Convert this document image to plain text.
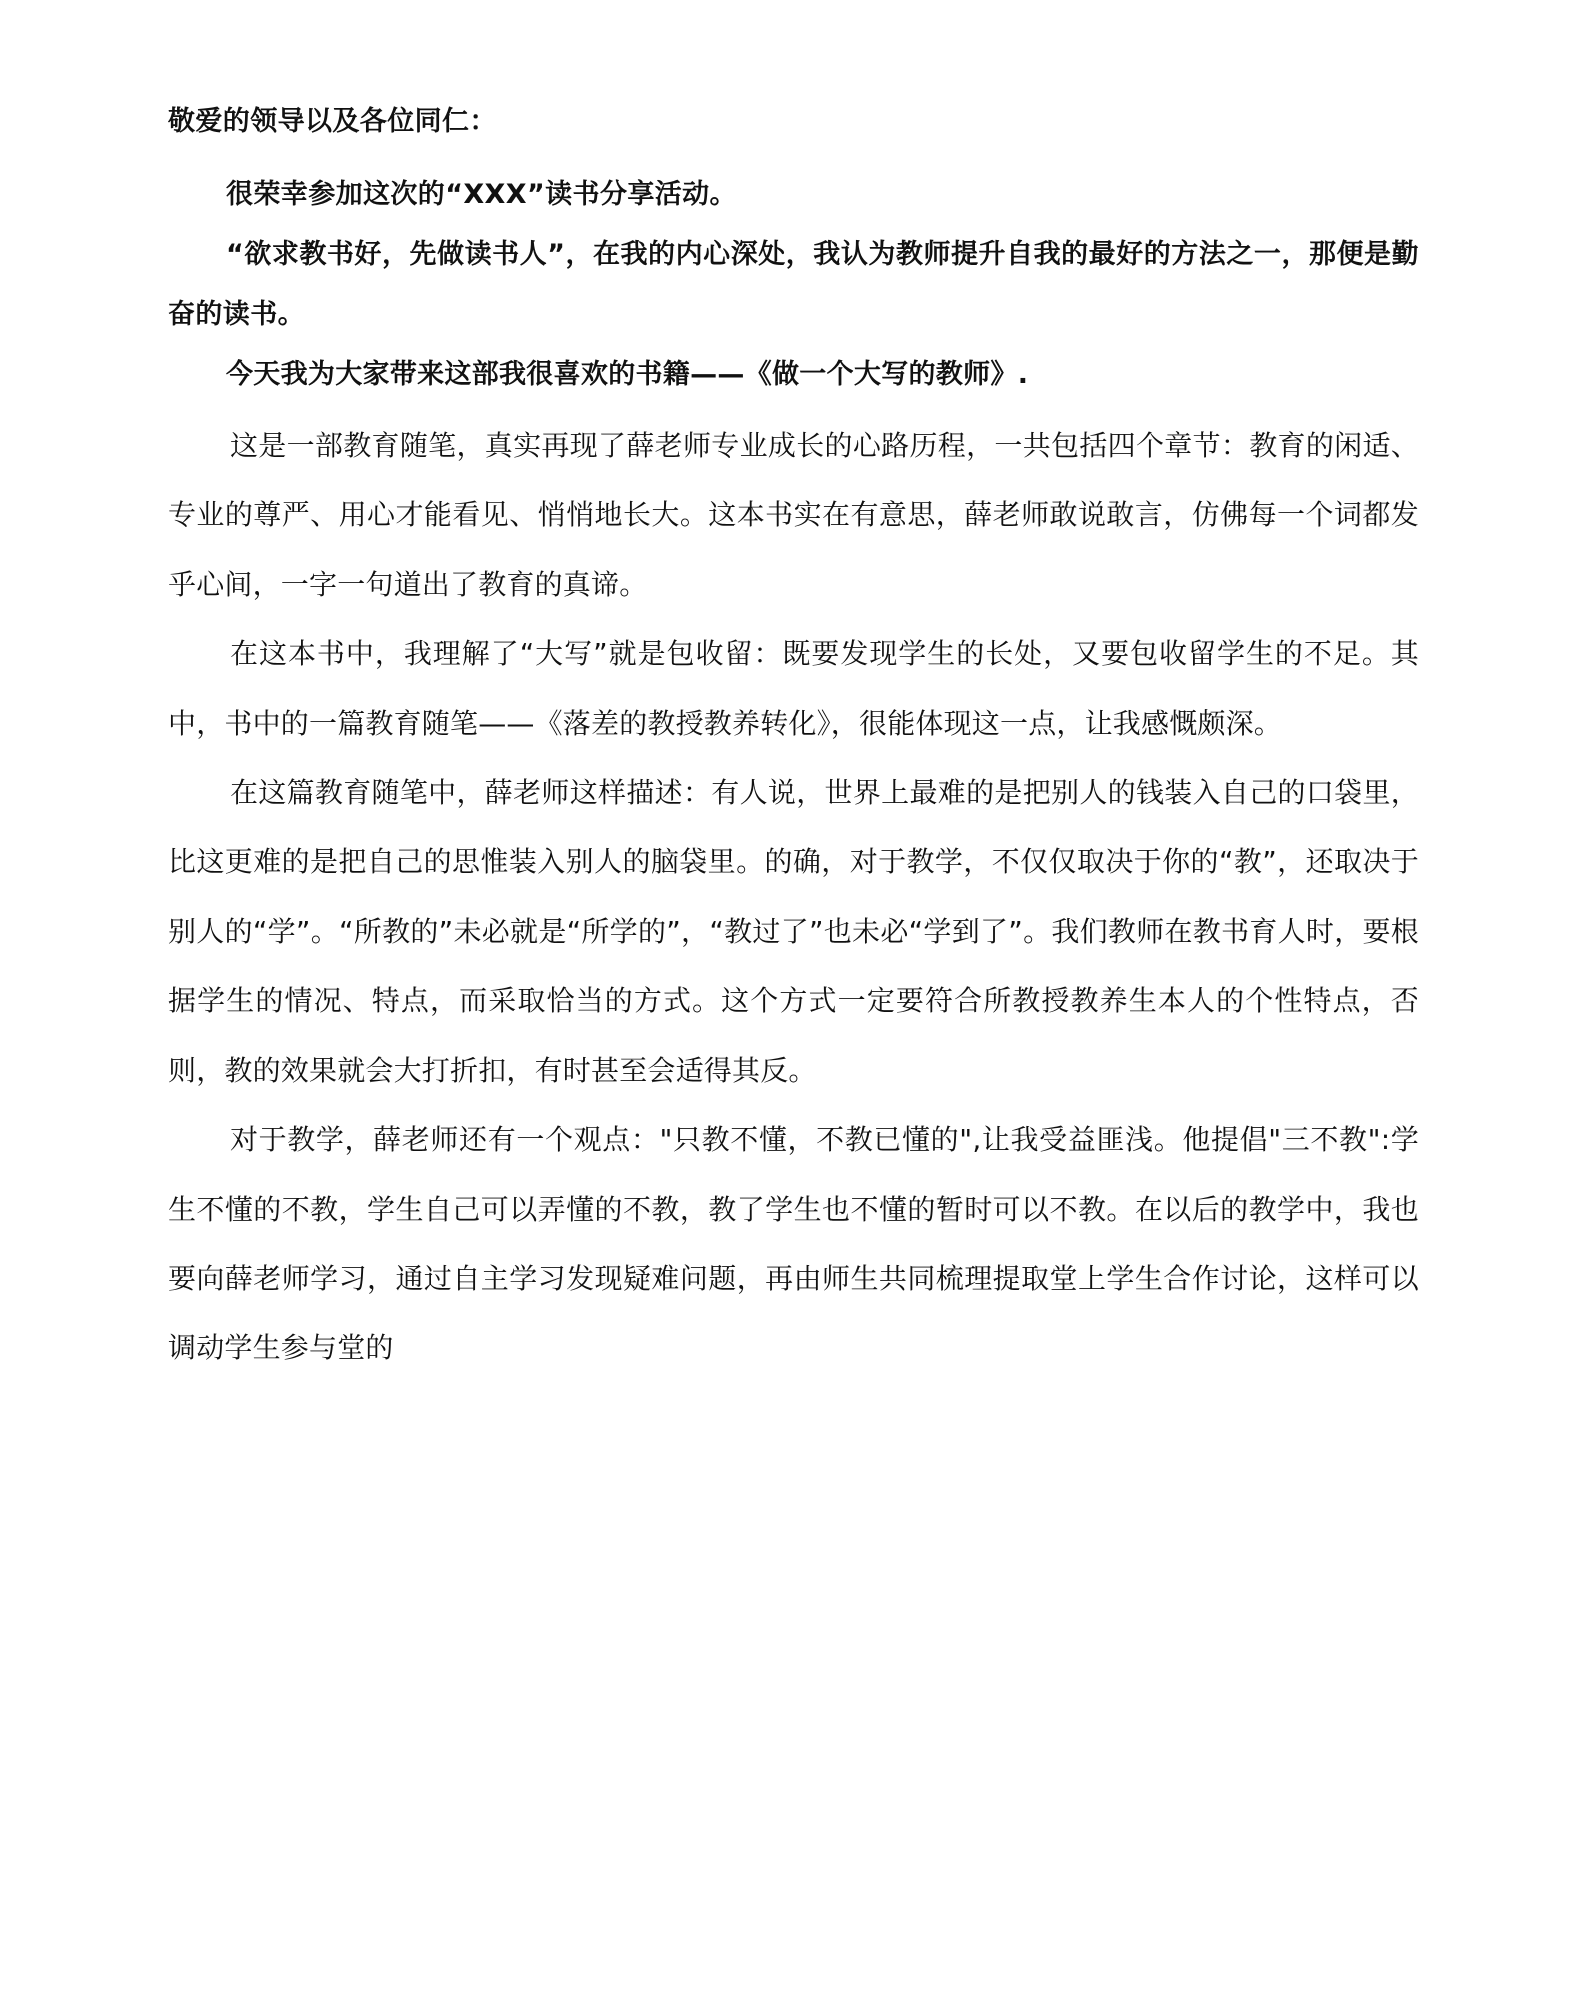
敬爱的领导以及各位同仁：

很荣幸参加这次的“XXX”读书分享活动。

“欲求教书好，先做读书人”，在我的内心深处，我认为教师提升自我的最好的方法之一，那便是勤奋的读书。

今天我为大家带来这部我很喜欢的书籍——《做一个大写的教师》.

这是一部教育随笔，真实再现了薛老师专业成长的心路历程，一共包括四个章节：教育的闲适、专业的尊严、用心才能看见、悄悄地长大。这本书实在有意思，薛老师敢说敢言，仿佛每一个词都发乎心间，一字一句道出了教育的真谛。

在这本书中，我理解了“大写”就是包收留：既要发现学生的长处，又要包收留学生的不足。其中，书中的一篇教育随笔——《落差的教授教养转化》，很能体现这一点，让我感慨颇深。

在这篇教育随笔中，薛老师这样描述：有人说，世界上最难的是把别人的钱装入自己的口袋里，比这更难的是把自己的思惟装入别人的脑袋里。的确，对于教学，不仅仅取决于你的“教”，还取决于别人的“学”。“所教的”未必就是“所学的”，“教过了”也未必“学到了”。我们教师在教书育人时，要根据学生的情况、特点，而采取恰当的方式。这个方式一定要符合所教授教养生本人的个性特点，否则，教的效果就会大打折扣，有时甚至会适得其反。

对于教学，薛老师还有一个观点："只教不懂，不教已懂的",让我受益匪浅。他提倡"三不教":学生不懂的不教，学生自己可以弄懂的不教，教了学生也不懂的暂时可以不教。在以后的教学中，我也要向薛老师学习，通过自主学习发现疑难问题，再由师生共同梳理提取堂上学生合作讨论，这样可以调动学生参与堂的
